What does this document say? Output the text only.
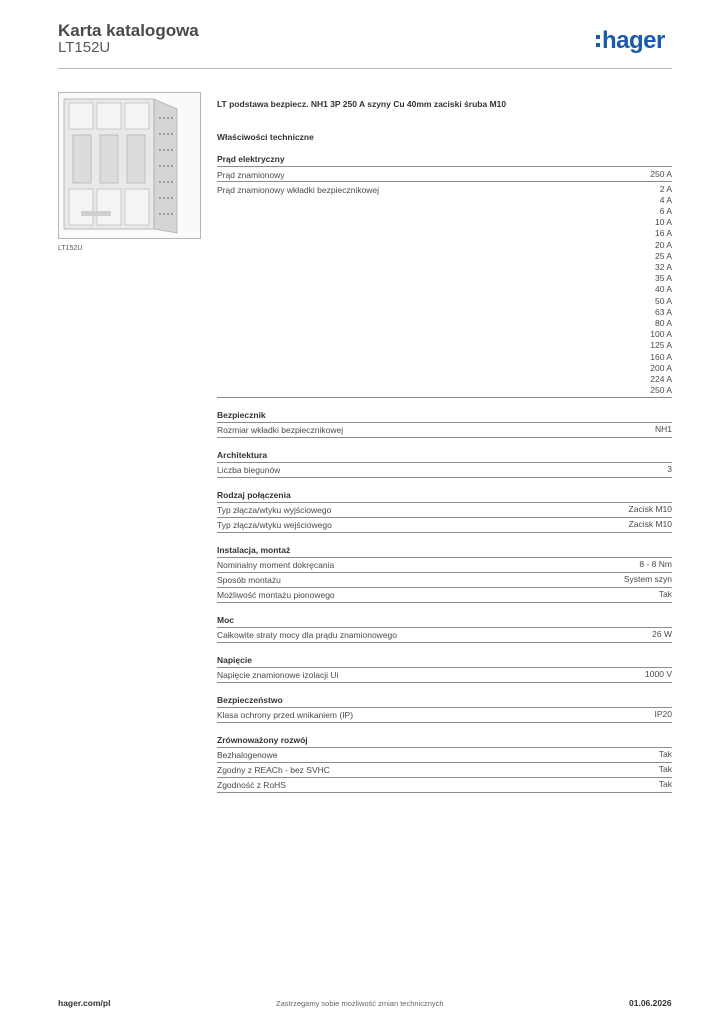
Karta katalogowa
LT152U	hager
LT152U
LT podstawa bezpiecz. NH1 3P 250 A szyny Cu 40mm zaciski śruba M10
Właściwości techniczne
Prąd elektryczny
Prąd znamionowy	250 A
Prąd znamionowy wkładki bezpiecznikowej	2 A
4 A
6 A
10 A
16 A
20 A
25 A
32 A
35 A
40 A
50 A
63 A
80 A
100 A
125 A
160 A
200 A
224 A
250 A
Bezpiecznik
Rozmiar wkładki bezpiecznikowej	NH1
Architektura
Liczba biegunów	3
Rodzaj połączenia
Typ złącza/wtyku wyjściowego	Zacisk M10
Typ złącza/wtyku wejściowego	Zacisk M10
Instalacja, montaż
Nominalny moment dokręcania	8 - 8 Nm
Sposób montażu	System szyn
Możliwość montażu pionowego	Tak
Moc
Całkowite straty mocy dla prądu znamionowego	26 W
Napięcie
Napięcie znamionowe izolacji Ui	1000 V
Bezpieczeństwo
Klasa ochrony przed wnikaniem (IP)	IP20
Zrównoważony rozwój
Bezhalogenowe	Tak
Zgodny z REACh - bez SVHC	Tak
Zgodność z RoHS	Tak
hager.com/pl	Zastrzegamy sobie możliwość zmian technicznych	01.06.2026
